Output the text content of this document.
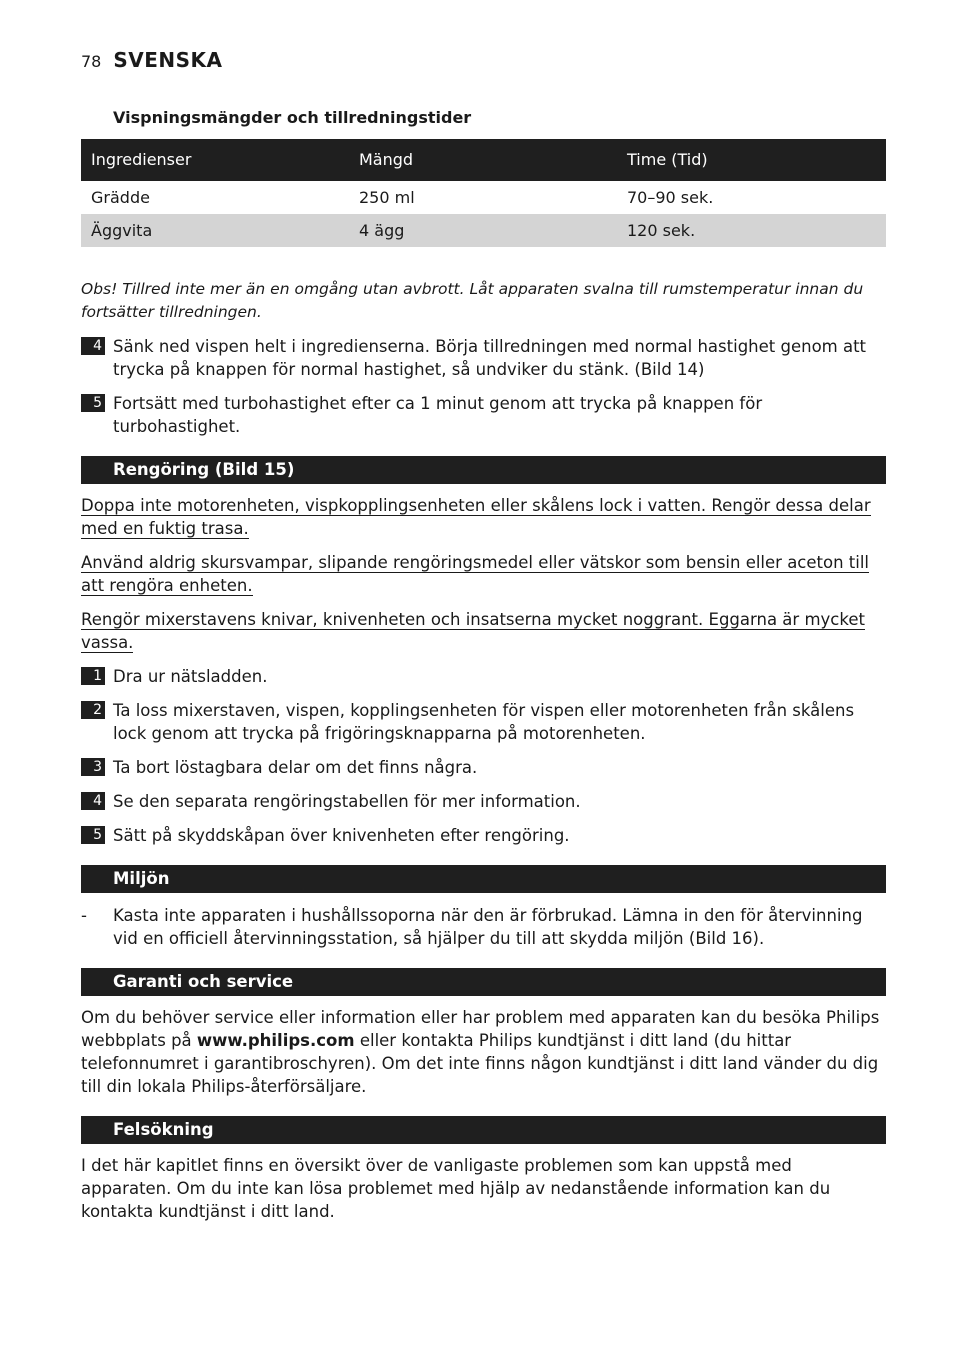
78 SVENSKA
Vispningsmängder och tillredningstider
Ingredienser	Mängd	Time (Tid)
Grädde	250 ml	70–90 sek.
Äggvita	4 ägg	120 sek.
Obs! Tillred inte mer än en omgång utan avbrott. Låt apparaten svalna till rumstemperatur innan du fortsätter tillredningen.
4 Sänk ned vispen helt i ingredienserna. Börja tillredningen med normal hastighet genom att trycka på knappen för normal hastighet, så undviker du stänk. (Bild 14)
5 Fortsätt med turbohastighet efter ca 1 minut genom att trycka på knappen för turbohastighet.
Rengöring (Bild 15)
Doppa inte motorenheten, vispkopplingsenheten eller skålens lock i vatten. Rengör dessa delar med en fuktig trasa.
Använd aldrig skursvampar, slipande rengöringsmedel eller vätskor som bensin eller aceton till att rengöra enheten.
Rengör mixerstavens knivar, knivenheten och insatserna mycket noggrant. Eggarna är mycket vassa.
1 Dra ur nätsladden.
2 Ta loss mixerstaven, vispen, kopplingsenheten för vispen eller motorenheten från skålens lock genom att trycka på frigöringsknapparna på motorenheten.
3 Ta bort löstagbara delar om det finns några.
4 Se den separata rengöringstabellen för mer information.
5 Sätt på skyddskåpan över knivenheten efter rengöring.
Miljön
- Kasta inte apparaten i hushållssoporna när den är förbrukad. Lämna in den för återvinning vid en officiell återvinningsstation, så hjälper du till att skydda miljön (Bild 16).
Garanti och service
Om du behöver service eller information eller har problem med apparaten kan du besöka Philips webbplats på www.philips.com eller kontakta Philips kundtjänst i ditt land (du hittar telefonnumret i garantibroschyren). Om det inte finns någon kundtjänst i ditt land vänder du dig till din lokala Philips-återförsäljare.
Felsökning
I det här kapitlet finns en översikt över de vanligaste problemen som kan uppstå med apparaten. Om du inte kan lösa problemet med hjälp av nedanstående information kan du kontakta kundtjänst i ditt land.
